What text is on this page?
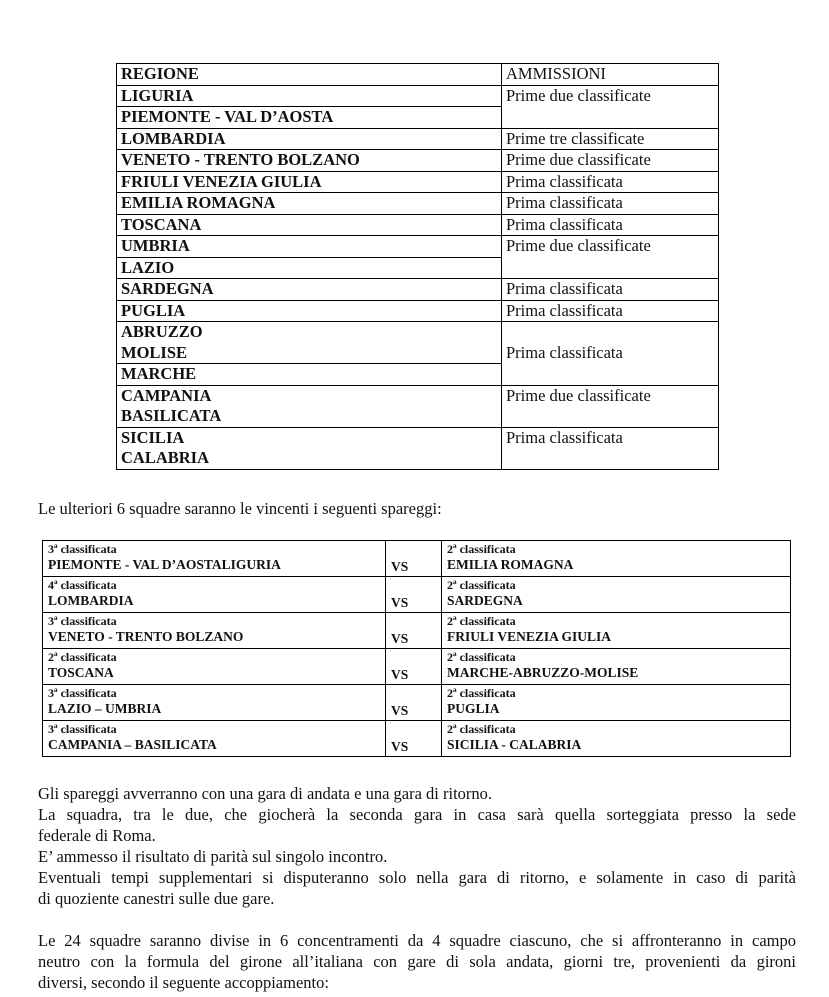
REGIONE	AMMISSIONI
LIGURIA	Prime due classificate
PIEMONTE - VAL D’AOSTA	
LOMBARDIA	Prime tre classificate
VENETO - TRENTO BOLZANO	Prime due classificate
FRIULI VENEZIA GIULIA	Prima classificata
EMILIA ROMAGNA	Prima classificata
TOSCANA	Prima classificata
UMBRIA	Prime due classificate
LAZIO	
SARDEGNA	Prima classificata
PUGLIA	Prima classificata
ABRUZZO	Prima classificata
MOLISE	
MARCHE	
CAMPANIA	Prime due classificate
BASILICATA	
SICILIA	Prima classificata
CALABRIA	

Le ulteriori 6 squadre saranno le vincenti i seguenti spareggi:

3ª classificata
PIEMONTE - VAL D’AOSTALIGURIA	VS	2ª classificata
EMILIA ROMAGNA

4ª classificata
LOMBARDIA	VS	2ª classificata
SARDEGNA

3ª classificata
VENETO - TRENTO BOLZANO	VS	2ª classificata
FRIULI VENEZIA GIULIA

2ª classificata
TOSCANA	VS	2ª classificata
MARCHE-ABRUZZO-MOLISE

3ª classificata
LAZIO – UMBRIA	VS	2ª classificata
PUGLIA

3ª classificata
CAMPANIA – BASILICATA	VS	2ª classificata
SICILIA - CALABRIA
Gli spareggi avverranno con una gara di andata e una gara di ritorno.
La squadra, tra le due, che giocherà la seconda gara in casa sarà quella sorteggiata presso la sede
federale di Roma.
E’ ammesso il risultato di parità sul singolo incontro.
Eventuali tempi supplementari si disputeranno solo nella gara di ritorno, e solamente in caso di parità
di quoziente canestri sulle due gare.
Le 24 squadre saranno divise in 6 concentramenti da 4 squadre ciascuno, che si affronteranno in campo
neutro con la formula del girone all’italiana con gare di sola andata, giorni tre, provenienti da gironi
diversi, secondo il seguente accoppiamento:
